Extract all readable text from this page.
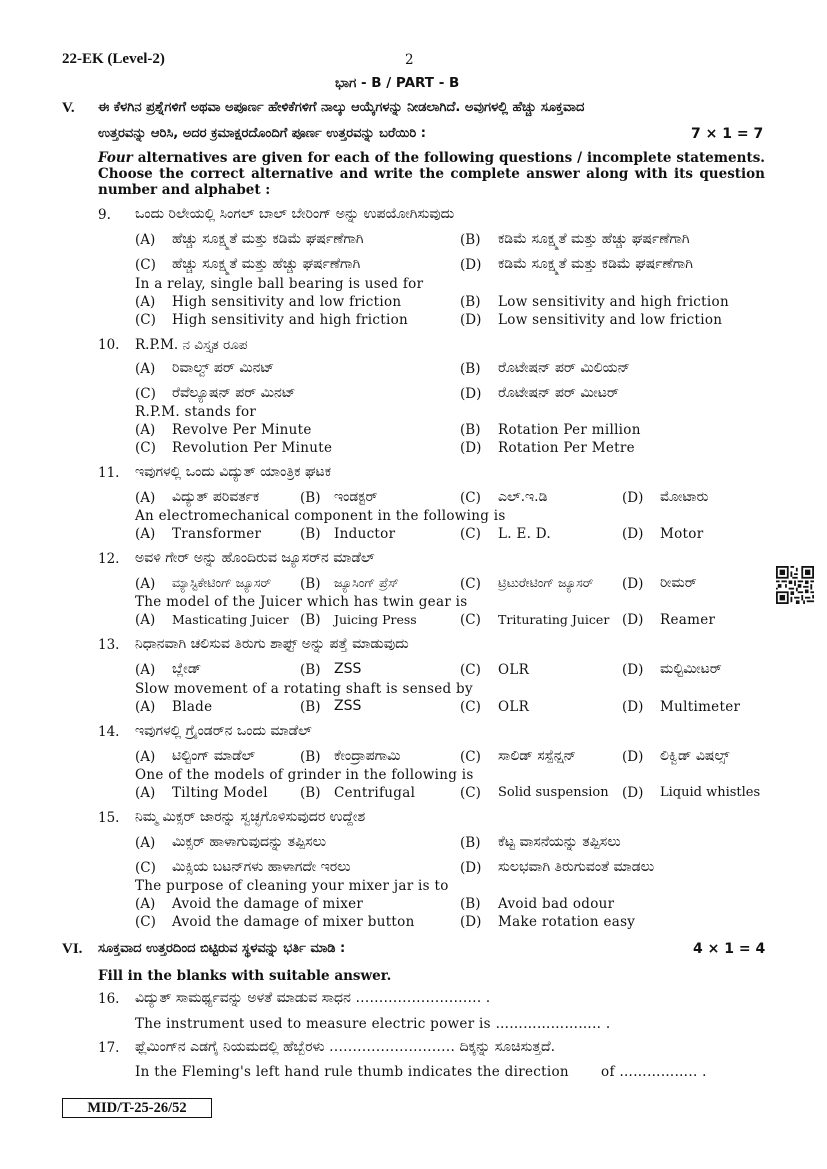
22-EK (Level-2)	2
ಭಾಗ - B / PART - B
V. ಈ ಕೆಳಗಿನ ಪ್ರಶ್ನೆಗಳಿಗೆ ಅಥವಾ ಅಪೂರ್ಣ ಹೇಳಿಕೆಗಳಿಗೆ ನಾಲ್ಕು ಆಯ್ಕೆಗಳನ್ನು ನೀಡಲಾಗಿದೆ. ಅವುಗಳಲ್ಲಿ ಹೆಚ್ಚು ಸೂಕ್ತವಾದ
ಉತ್ತರವನ್ನು ಆರಿಸಿ, ಅದರ ಕ್ರಮಾಕ್ಷರದೊಂದಿಗೆ ಪೂರ್ಣ ಉತ್ತರವನ್ನು ಬರೆಯಿರಿ :	7 × 1 = 7
Four alternatives are given for each of the following questions / incomplete statements. Choose the correct alternative and write the complete answer along with its question number and alphabet :
9. ಒಂದು ರಿಲೇಯಲ್ಲಿ ಸಿಂಗಲ್ ಬಾಲ್ ಬೇರಿಂಗ್ ಅನ್ನು ಉಪಯೋಗಿಸುವುದು
(A) ಹೆಚ್ಚು ಸೂಕ್ಷ್ಮತೆ ಮತ್ತು ಕಡಿಮೆ ಘರ್ಷಣೆಗಾಗಿ	(B) ಕಡಿಮೆ ಸೂಕ್ಷ್ಮತೆ ಮತ್ತು ಹೆಚ್ಚು ಘರ್ಷಣೆಗಾಗಿ
(C) ಹೆಚ್ಚು ಸೂಕ್ಷ್ಮತೆ ಮತ್ತು ಹೆಚ್ಚು ಘರ್ಷಣೆಗಾಗಿ	(D) ಕಡಿಮೆ ಸೂಕ್ಷ್ಮತೆ ಮತ್ತು ಕಡಿಮೆ ಘರ್ಷಣೆಗಾಗಿ
In a relay, single ball bearing is used for
(A) High sensitivity and low friction	(B) Low sensitivity and high friction
(C) High sensitivity and high friction	(D) Low sensitivity and low friction
10. R.P.M. ನ ವಿಸ್ತೃತ ರೂಪ
(A) ರಿವಾಲ್ವ್ ಪರ್ ಮಿನಟ್	(B) ರೊಟೇಷನ್ ಪರ್ ಮಿಲಿಯನ್
(C) ರೆವೆಲ್ಯೂಷನ್ ಪರ್ ಮಿನಟ್	(D) ರೊಟೇಷನ್ ಪರ್ ಮೀಟರ್
R.P.M. stands for
(A) Revolve Per Minute	(B) Rotation Per million
(C) Revolution Per Minute	(D) Rotation Per Metre
11. ಇವುಗಳಲ್ಲಿ ಒಂದು ವಿದ್ಯುತ್ ಯಾಂತ್ರಿಕ ಘಟಕ
(A) ವಿದ್ಯುತ್ ಪರಿವರ್ತಕ	(B) ಇಂಡಕ್ಟರ್	(C) ಎಲ್.ಇ.ಡಿ	(D) ಮೋಟಾರು
An electromechanical component in the following is
(A) Transformer	(B) Inductor	(C) L. E. D.	(D) Motor
12. ಅವಳಿ ಗೇರ್ ಅನ್ನು ಹೊಂದಿರುವ ಜ್ಯೂಸರ್‌ನ ಮಾಡೆಲ್
(A) ಮ್ಯಾಸ್ಟಿಕೇಟಿಂಗ್ ಜ್ಯೂಸರ್ (B) ಜ್ಯೂಸಿಂಗ್ ಪ್ರೆಸ್	(C) ಟ್ರಿಟುರೇಟಿಂಗ್ ಜ್ಯೂಸರ್ (D) ರೀಮರ್
The model of the Juicer which has twin gear is
(A) Masticating Juicer (B) Juicing Press	(C) Triturating Juicer (D) Reamer
13. ನಿಧಾನವಾಗಿ ಚಲಿಸುವ ತಿರುಗು ಶಾಫ್ಟ್ ಅನ್ನು ಪತ್ತೆ ಮಾಡುವುದು
(A) ಬ್ಲೇಡ್	(B) ZSS	(C) OLR	(D) ಮಲ್ಟಿಮೀಟರ್
Slow movement of a rotating shaft is sensed by
(A) Blade	(B) ZSS	(C) OLR	(D) Multimeter
14. ಇವುಗಳಲ್ಲಿ ಗ್ರೈಂಡರ್‌ನ ಒಂದು ಮಾಡೆಲ್
(A) ಟಿಲ್ಟಿಂಗ್ ಮಾಡೆಲ್	(B) ಕೇಂದ್ರಾಪಗಾಮಿ	(C) ಸಾಲಿಡ್ ಸಸ್ಪೆನ್ಷನ್	(D) ಲಿಕ್ವಿಡ್ ವಿಷಲ್ಸ್
One of the models of grinder in the following is
(A) Tilting Model (B) Centrifugal	(C) Solid suspension (D) Liquid whistles
15. ನಿಮ್ಮ ಮಿಕ್ಸರ್ ಜಾರನ್ನು ಸ್ವಚ್ಛಗೊಳಿಸುವುದರ ಉದ್ದೇಶ
(A) ಮಿಕ್ಸರ್ ಹಾಳಾಗುವುದನ್ನು ತಪ್ಪಿಸಲು	(B) ಕೆಟ್ಟ ವಾಸನೆಯನ್ನು ತಪ್ಪಿಸಲು
(C) ಮಿಕ್ಸಿಯ ಬಟನ್‌ಗಳು ಹಾಳಾಗದೇ ಇರಲು	(D) ಸುಲಭವಾಗಿ ತಿರುಗುವಂತೆ ಮಾಡಲು
The purpose of cleaning your mixer jar is to
(A) Avoid the damage of mixer	(B) Avoid bad odour
(C) Avoid the damage of mixer button	(D) Make rotation easy
VI. ಸೂಕ್ತವಾದ ಉತ್ತರದಿಂದ ಬಿಟ್ಟಿರುವ ಸ್ಥಳವನ್ನು ಭರ್ತಿ ಮಾಡಿ :	4 × 1 = 4
Fill in the blanks with suitable answer.
16. ವಿದ್ಯುತ್ ಸಾಮರ್ಥ್ಯವನ್ನು ಅಳತೆ ಮಾಡುವ ಸಾಧನ ……………………… .
The instrument used to measure electric power is ………………….. .
17. ಫ್ಲೆಮಿಂಗ್‌ನ ಎಡಗೈ ನಿಯಮದಲ್ಲಿ ಹೆಬ್ಬೆರಳು ……………………… ದಿಕ್ಕನ್ನು ಸೂಚಿಸುತ್ತದೆ.
In the Fleming's left hand rule thumb indicates the direction       of …………….. .
MID/T-25-26/52
